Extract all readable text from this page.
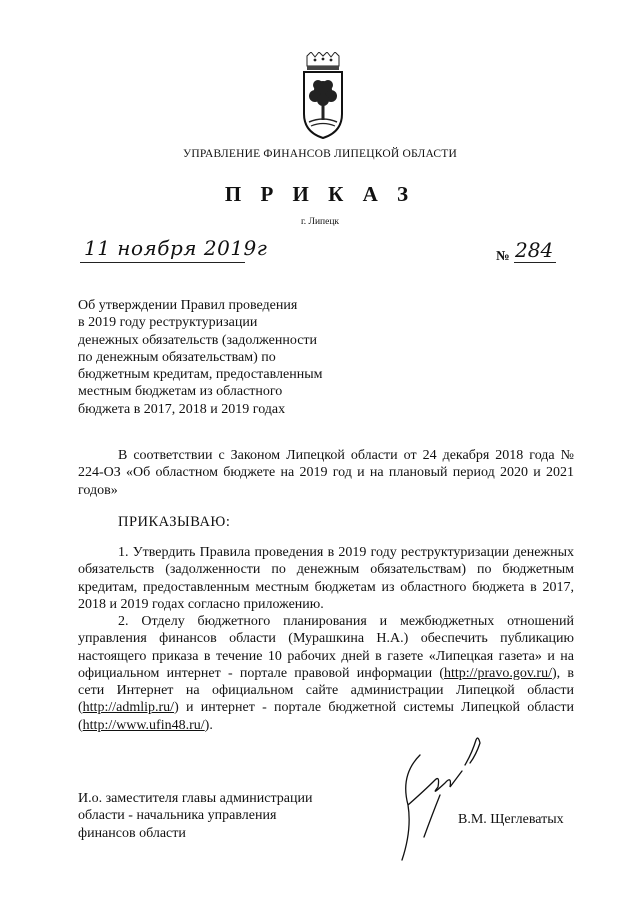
УПРАВЛЕНИЕ ФИНАНСОВ ЛИПЕЦКОЙ ОБЛАСТИ
П Р И К А З
г. Липецк
11 ноября 2019г	№ 284
Об утверждении Правил проведения
в 2019 году реструктуризации
денежных обязательств (задолженности
по денежным обязательствам) по
бюджетным кредитам, предоставленным
местным бюджетам из областного
бюджета в 2017, 2018 и 2019 годах
В соответствии с Законом Липецкой области от 24 декабря 2018 года № 224-ОЗ «Об областном бюджете на 2019 год и на плановый период 2020 и 2021 годов»
ПРИКАЗЫВАЮ:
1. Утвердить Правила проведения в 2019 году реструктуризации денежных обязательств (задолженности по денежным обязательствам) по бюджетным кредитам, предоставленным местным бюджетам из областного бюджета в 2017, 2018 и 2019 годах согласно приложению.
2. Отделу бюджетного планирования и межбюджетных отношений управления финансов области (Мурашкина Н.А.) обеспечить публикацию настоящего приказа в течение 10 рабочих дней в газете «Липецкая газета» и на официальном интернет - портале правовой информации (http://pravo.gov.ru/), в сети Интернет на официальном сайте администрации Липецкой области (http://admlip.ru/) и интернет - портале бюджетной системы Липецкой области (http://www.ufin48.ru/).
И.о. заместителя главы администрации
области - начальника управления
финансов области
В.М. Щеглеватых
